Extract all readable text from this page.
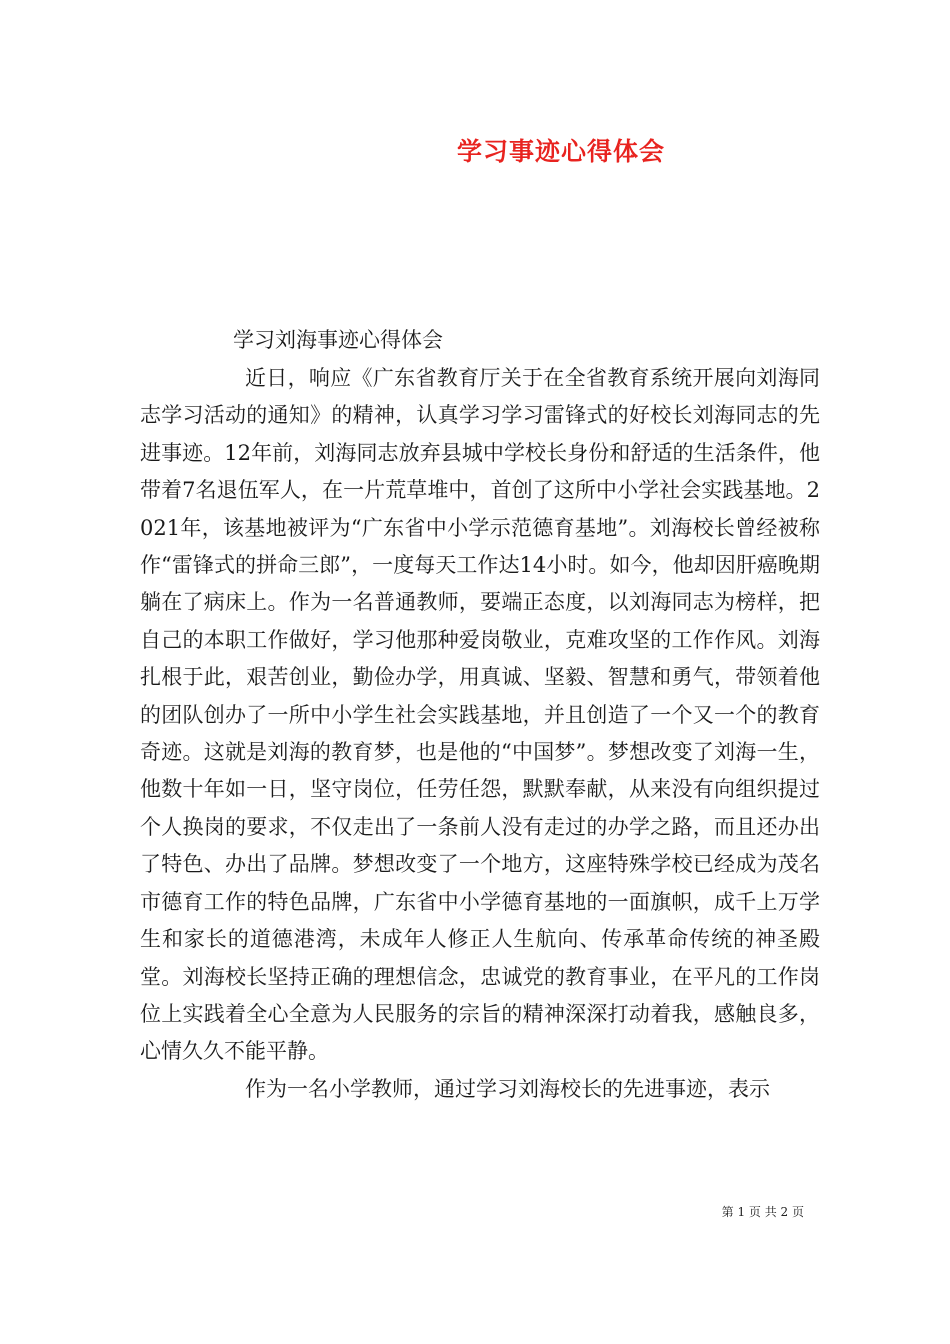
学习事迹心得体会
学习刘海事迹心得体会

近日，响应《广东省教育厅关于在全省教育系统开展向刘海同志学习活动的通知》的精神，认真学习学习雷锋式的好校长刘海同志的先进事迹。12年前，刘海同志放弃县城中学校长身份和舒适的生活条件，他带着7名退伍军人，在一片荒草堆中，首创了这所中小学社会实践基地。2021年，该基地被评为“广东省中小学示范德育基地”。刘海校长曾经被称作“雷锋式的拼命三郎”，一度每天工作达14小时。如今，他却因肝癌晚期躺在了病床上。作为一名普通教师，要端正态度，以刘海同志为榜样，把自己的本职工作做好，学习他那种爱岗敬业，克难攻坚的工作作风。刘海扎根于此，艰苦创业，勤俭办学，用真诚、坚毅、智慧和勇气，带领着他的团队创办了一所中小学生社会实践基地，并且创造了一个又一个的教育奇迹。这就是刘海的教育梦，也是他的“中国梦”。梦想改变了刘海一生，他数十年如一日，坚守岗位，任劳任怨，默默奉献，从来没有向组织提过个人换岗的要求，不仅走出了一条前人没有走过的办学之路，而且还办出了特色、办出了品牌。梦想改变了一个地方，这座特殊学校已经成为茂名市德育工作的特色品牌，广东省中小学德育基地的一面旗帜，成千上万学生和家长的道德港湾，未成年人修正人生航向、传承革命传统的神圣殿堂。刘海校长坚持正确的理想信念，忠诚党的教育事业，在平凡的工作岗位上实践着全心全意为人民服务的宗旨的精神深深打动着我，感触良多，心情久久不能平静。

作为一名小学教师，通过学习刘海校长的先进事迹，表示

第 1 页 共 2 页
